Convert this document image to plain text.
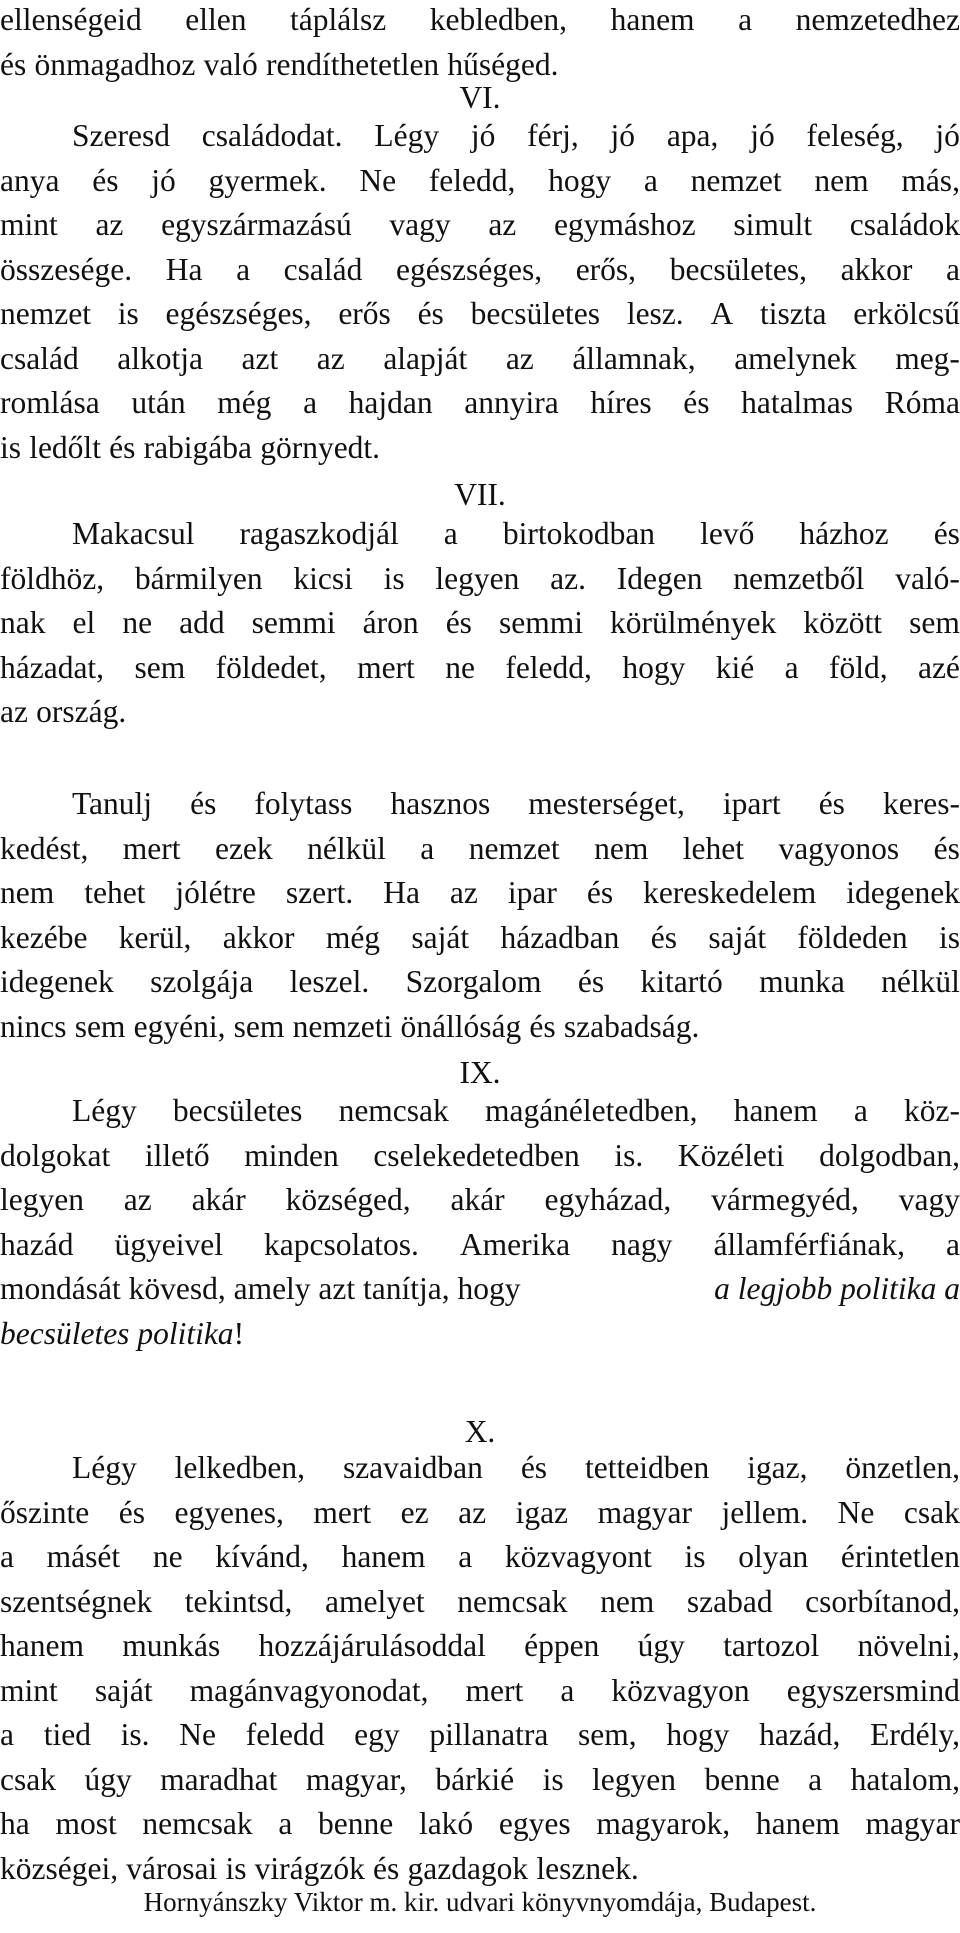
ellenségeid ellen táplálsz kebledben, hanem a nemzetedhez
és önmagadhoz való rendíthetetlen hűséged.
VI.
Szeresd családodat. Légy jó férj, jó apa, jó feleség, jó
anya és jó gyermek. Ne feledd, hogy a nemzet nem más,
mint az egyszármazású vagy az egymáshoz simult családok
összesége. Ha a család egészséges, erős, becsületes, akkor a
nemzet is egészséges, erős és becsületes lesz. A tiszta erkölcsű
család alkotja azt az alapját az államnak, amelynek meg-
romlása után még a hajdan annyira híres és hatalmas Róma
is ledőlt és rabigába görnyedt.
VII.
Makacsul ragaszkodjál a birtokodban levő házhoz és
földhöz, bármilyen kicsi is legyen az. Idegen nemzetből való-
nak el ne add semmi áron és semmi körülmények között sem
házadat, sem földedet, mert ne feledd, hogy kié a föld, azé
az ország.
Tanulj és folytass hasznos mesterséget, ipart és keres-
kedést, mert ezek nélkül a nemzet nem lehet vagyonos és
nem tehet jólétre szert. Ha az ipar és kereskedelem idegenek
kezébe kerül, akkor még saját házadban és saját földeden is
idegenek szolgája leszel. Szorgalom és kitartó munka nélkül
nincs sem egyéni, sem nemzeti önállóság és szabadság.
IX.
Légy becsületes nemcsak magánéletedben, hanem a köz-
dolgokat illető minden cselekedetedben is. Közéleti dolgodban,
legyen az akár községed, akár egyházad, vármegyéd, vagy
hazád ügyeivel kapcsolatos. Amerika nagy államférfiának, a
mondását kövesd, amely azt tanítja, hogy	a legjobb politika a
becsületes politika !
X.
Légy lelkedben, szavaidban és tetteidben igaz, önzetlen,
őszinte és egyenes, mert ez az igaz magyar jellem. Ne csak
a másét ne kívánd, hanem a közvagyont is olyan érintetlen
szentségnek tekintsd, amelyet nemcsak nem szabad csorbítanod,
hanem munkás hozzájárulásoddal éppen úgy tartozol növelni,
mint saját magánvagyonodat, mert a közvagyon egyszersmind
a tied is. Ne feledd egy pillanatra sem, hogy hazád, Erdély,
csak úgy maradhat magyar, bárkié is legyen benne a hatalom,
ha most nemcsak a benne lakó egyes magyarok, hanem magyar
községei, városai is virágzók és gazdagok lesznek.
Hornyánszky Viktor m. kir. udvari könyvnyomdája, Budapest.
